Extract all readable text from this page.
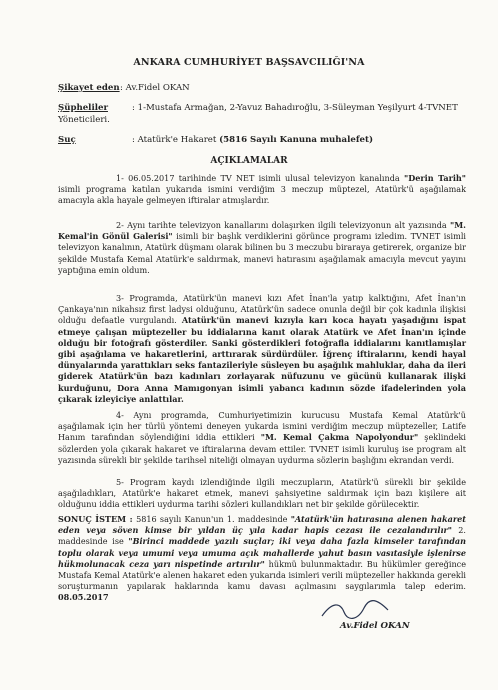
ANKARA CUMHURİYET BAŞSAVCILIĞI'NA
Şikayet eden: Av.Fidel OKAN
Şüpheliler	: 1-Mustafa Armağan, 2-Yavuz Bahadıroğlu, 3-Süleyman Yeşilyurt 4-TVNET
Yöneticileri.
Suç	: Atatürk'e Hakaret (5816 Sayılı Kanuna muhalefet)
AÇIKLAMALAR
1- 06.05.2017 tarihinde TV NET isimli ulusal televizyon kanalında "Derin Tarih" isimli programa katılan yukarıda ismini verdiğim 3 meczup müptezel, Atatürk'ü aşağılamak amacıyla akla hayale gelmeyen iftiralar atmışlardır.
2- Aynı tarihte televizyon kanallarını dolaşırken ilgili televizyonun alt yazısında "M. Kemal'in Gönül Galerisi" isimli bir başlık verdiklerini görünce programı izledim. TVNET isimli televizyon kanalının, Atatürk düşmanı olarak bilinen bu 3 meczubu biraraya getirerek, organize bir şekilde Mustafa Kemal Atatürk'e saldırmak, manevi hatırasını aşağılamak amacıyla mevcut yayını yaptığına emin oldum.
3- Programda, Atatürk'ün manevi kızı Afet İnan'la yatıp kalktığını, Afet İnan'ın Çankaya'nın nikahsız first ladysi olduğunu, Atatürk'ün sadece onunla değil bir çok kadınla ilişkisi olduğu defaatle vurgulandı. Atatürk'ün manevi kızıyla karı koca hayatı yaşadığını ispat etmeye çalışan müptezeller bu iddialarına kanıt olarak Atatürk ve Afet İnan'ın içinde olduğu bir fotoğrafı gösterdiler. Sanki gösterdikleri fotoğrafla iddialarını kanıtlamışlar gibi aşağılama ve hakaretlerini, arttırarak sürdürdüler. İğrenç iftiralarını, kendi hayal dünyalarında yarattıkları seks fantazileriyle süsleyen bu aşağılık mahluklar, daha da ileri giderek Atatürk'ün bazı kadınları zorlayarak nüfuzunu ve gücünü kullanarak ilişki kurduğunu, Dora Anna Mamıgonyan isimli yabancı kadının sözde ifadelerinden yola çıkarak izleyiciye anlattılar.
4- Aynı programda, Cumhuriyetimizin kurucusu Mustafa Kemal Atatürk'ü aşağılamak için her türlü yöntemi deneyen yukarda ismini verdiğim meczup müptezeller, Latife Hanım tarafından söylendiğini iddia ettikleri "M. Kemal Çakma Napolyondur" şeklindeki sözlerden yola çıkarak hakaret ve iftiralarına devam ettiler. TVNET isimli kuruluş ise program alt yazısında sürekli bir şekilde tarihsel niteliği olmayan uydurma sözlerin başlığını ekrandan verdi.
5- Program kaydı izlendiğinde ilgili meczupların, Atatürk'ü sürekli bir şekilde aşağıladıkları, Atatürk'e hakaret etmek, manevi şahsiyetine saldırmak için bazı kişilere ait olduğunu iddia ettikleri uydurma tarihi sözleri kullandıkları net bir şekilde görülecektir.
SONUÇ İSTEM : 5816 sayılı Kanun'un 1. maddesinde "Atatürk'ün hatırasına alenen hakaret eden veya söven kimse bir yıldan üç yıla kadar hapis cezası ile cezalandırılır" 2. maddesinde ise "Birinci maddede yazılı suçlar; iki veya daha fazla kimseler tarafından toplu olarak veya umumi veya umuma açık mahallerde yahut basın vasıtasiyle işlenirse hükmolunacak ceza yarı nispetinde artırılır" hükmü bulunmaktadır. Bu hükümler gereğince Mustafa Kemal Atatürk'e alenen hakaret eden yukarıda isimleri verili müptezeller hakkında gerekli soruşturmanın yapılarak haklarında kamu davası açılmasını saygılarımla talep ederim. 08.05.2017
Av.Fidel OKAN
